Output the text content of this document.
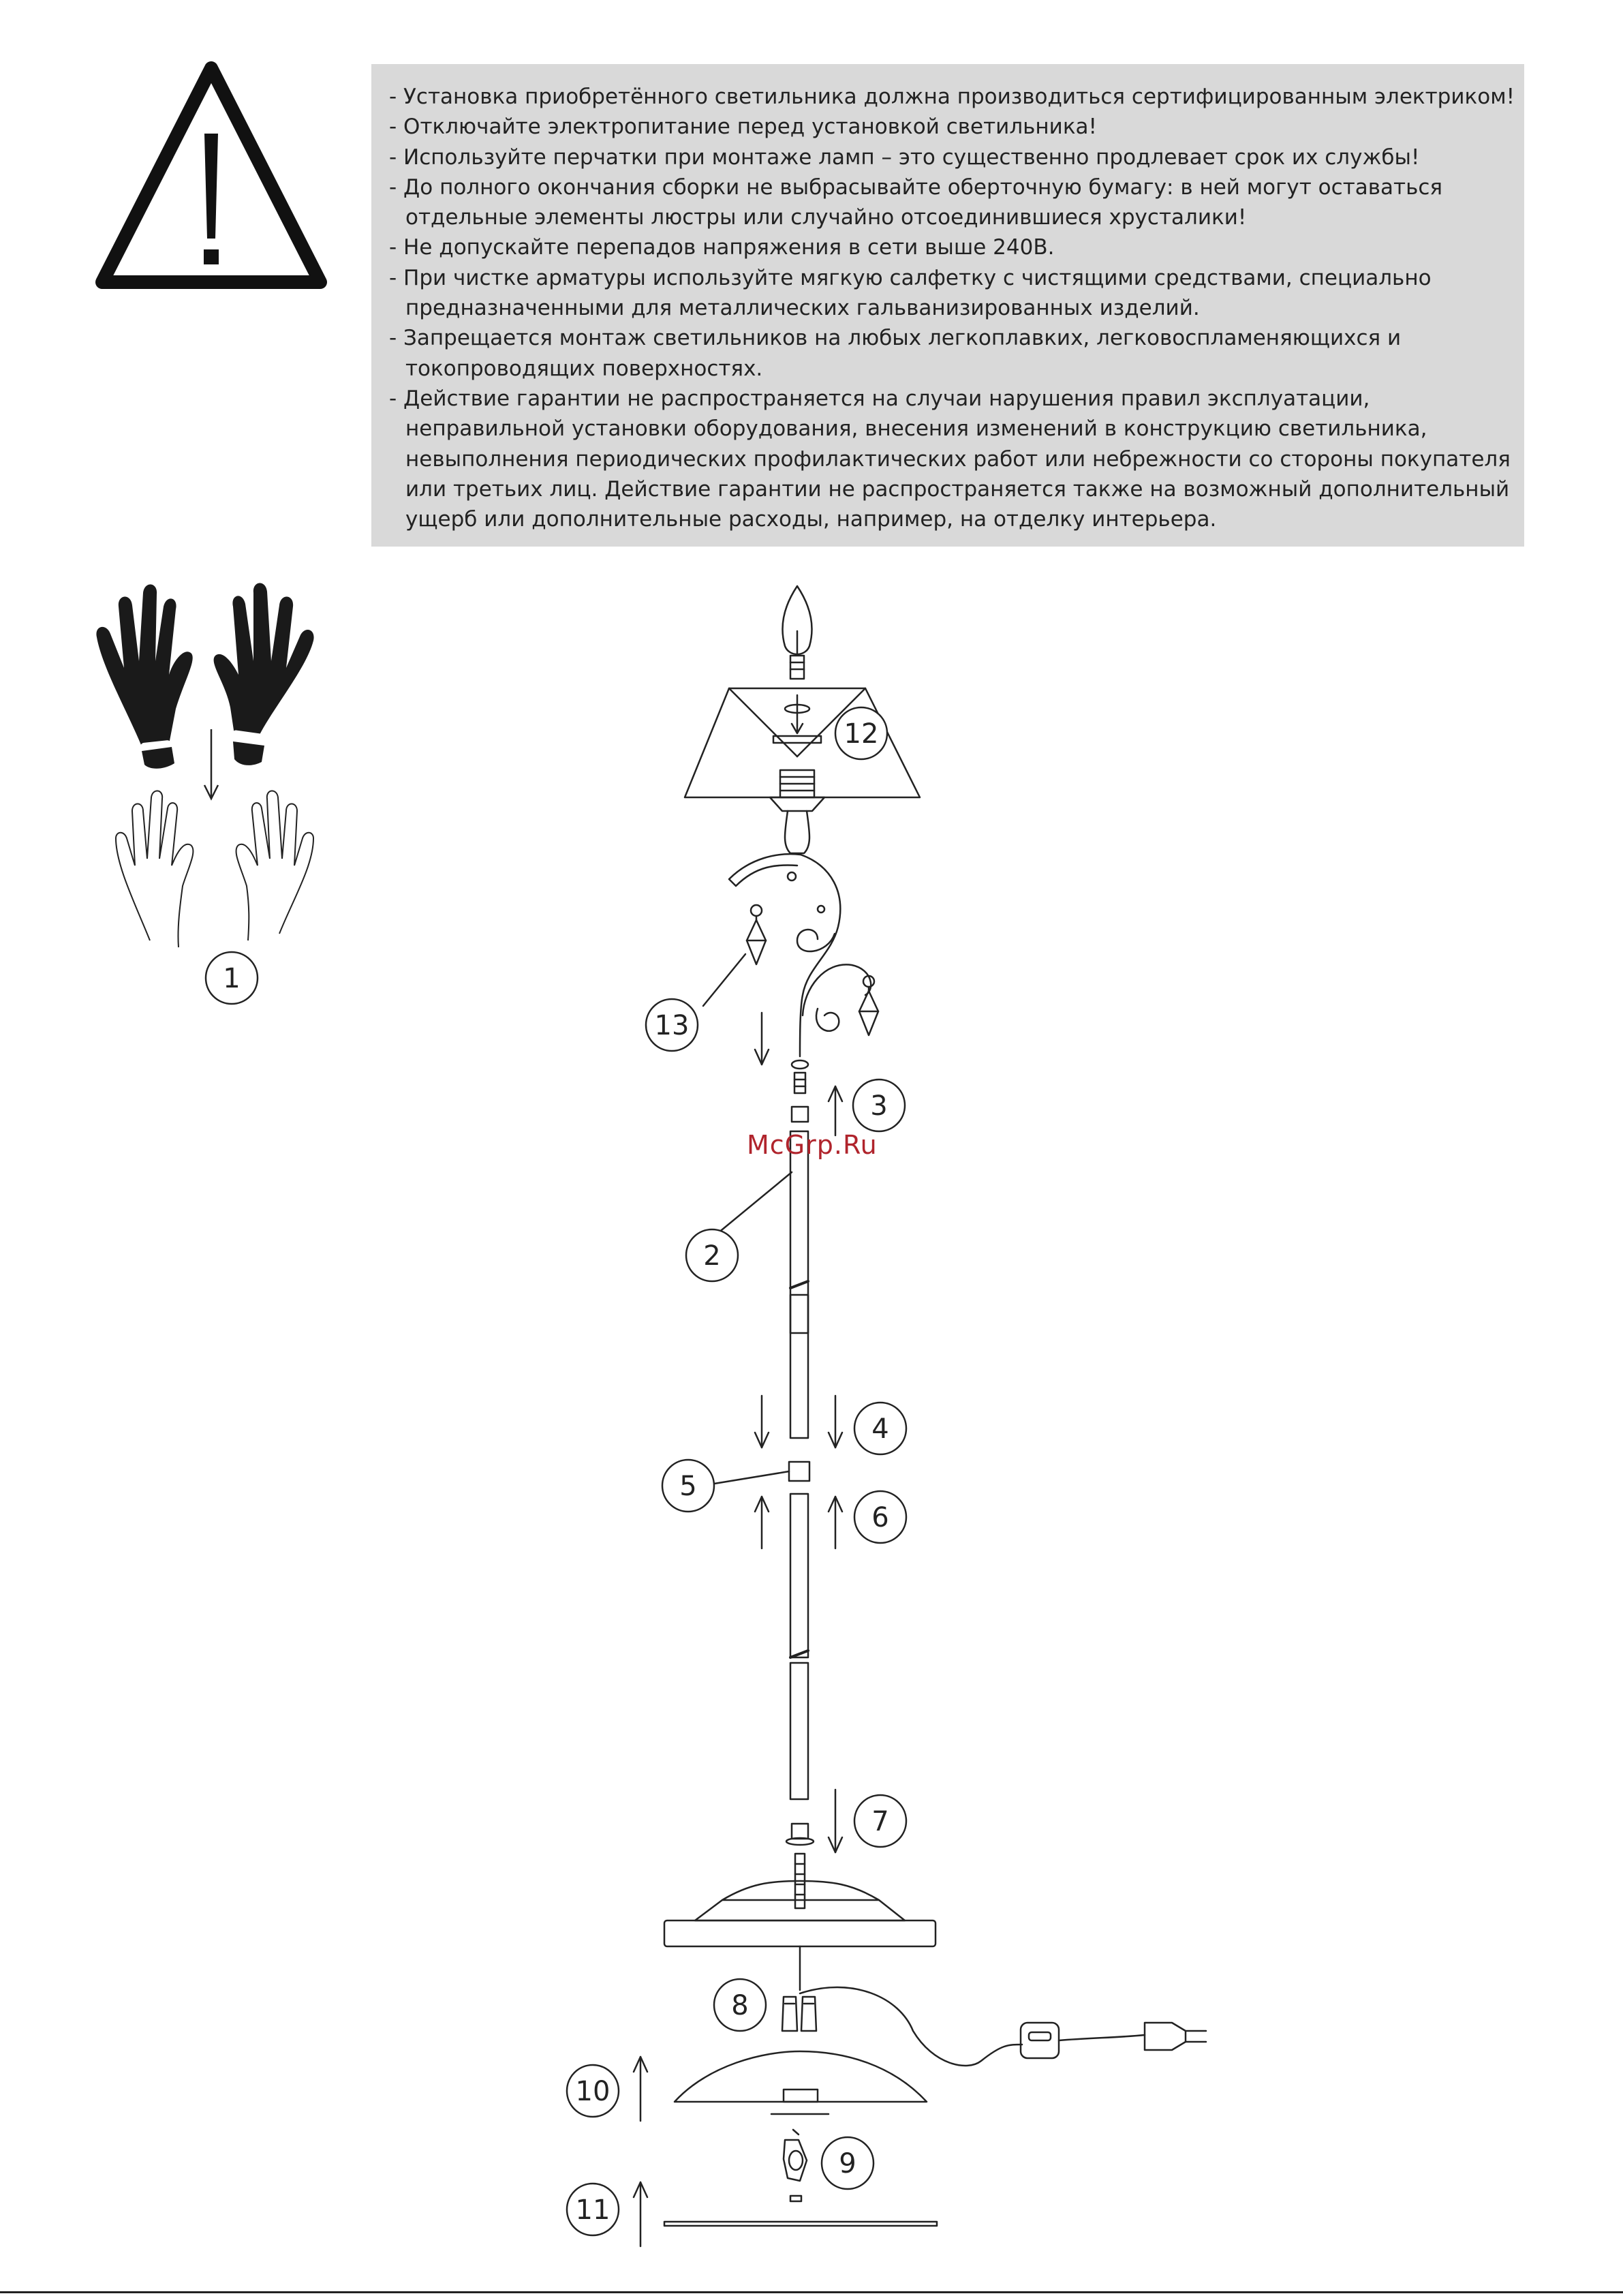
- Установка приобретённого светильника должна производиться сертифицированным электриком!

- Отключайте электропитание перед установкой светильника!

- Используйте перчатки при монтаже ламп – это существенно продлевает срок их службы!

- До полного окончания сборки не выбрасывайте оберточную бумагу: в ней могут оставаться

отдельные элементы люстры или случайно отсоединившиеся хрусталики!

- Не допускайте перепадов напряжения в сети выше 240В.

- При чистке арматуры используйте мягкую салфетку с чистящими средствами, специально

предназначенными для металлических гальванизированных изделий.

- Запрещается монтаж светильников на любых легкоплавких, легковоспламеняющихся и

токопроводящих поверхностях.

- Действие гарантии не распространяется на случаи нарушения правил эксплуатации,

неправильной установки оборудования, внесения изменений в конструкцию светильника,

невыполнения периодических профилактических работ или небрежности со стороны покупателя

или третьих лиц. Действие гарантии не распространяется также на возможный дополнительный

ущерб или дополнительные расходы, например, на отделку интерьера.

1
12
13
3
2
4
5
6
7
8
10
9
11
McGrp.Ru
